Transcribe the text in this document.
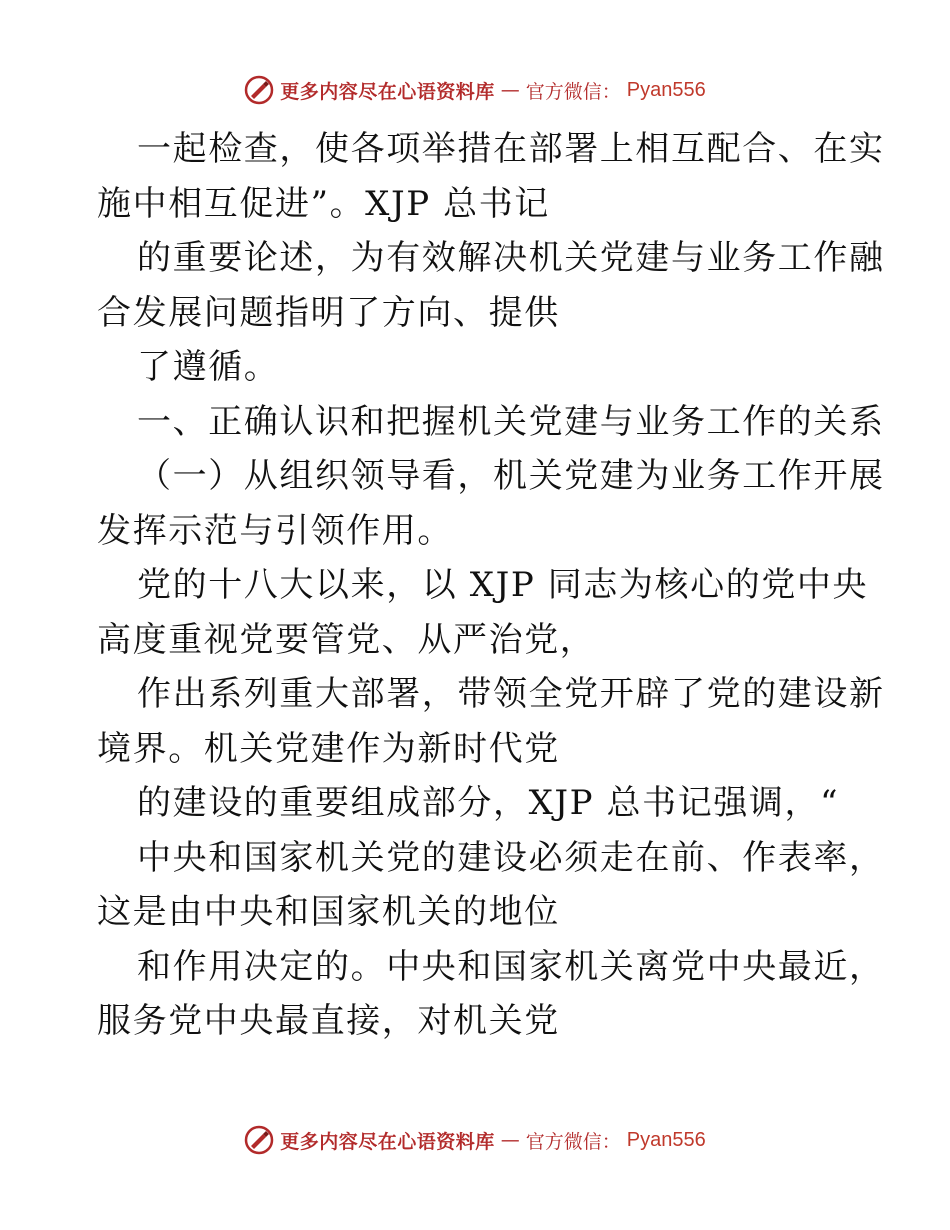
更多内容尽在心语资料库 — 官方微信： Pyan556
一起检查，使各项举措在部署上相互配合、在实
施中相互促进”。XJP 总书记
的重要论述，为有效解决机关党建与业务工作融
合发展问题指明了方向、提供
了遵循。
一、正确认识和把握机关党建与业务工作的关系
（一）从组织领导看，机关党建为业务工作开展
发挥示范与引领作用。
党的十八大以来，以 XJP 同志为核心的党中央
高度重视党要管党、从严治党，
作出系列重大部署，带领全党开辟了党的建设新
境界。机关党建作为新时代党
的建设的重要组成部分，XJP 总书记强调，“
中央和国家机关党的建设必须走在前、作表率，
这是由中央和国家机关的地位
和作用决定的。中央和国家机关离党中央最近，
服务党中央最直接，对机关党
更多内容尽在心语资料库 — 官方微信： Pyan556
